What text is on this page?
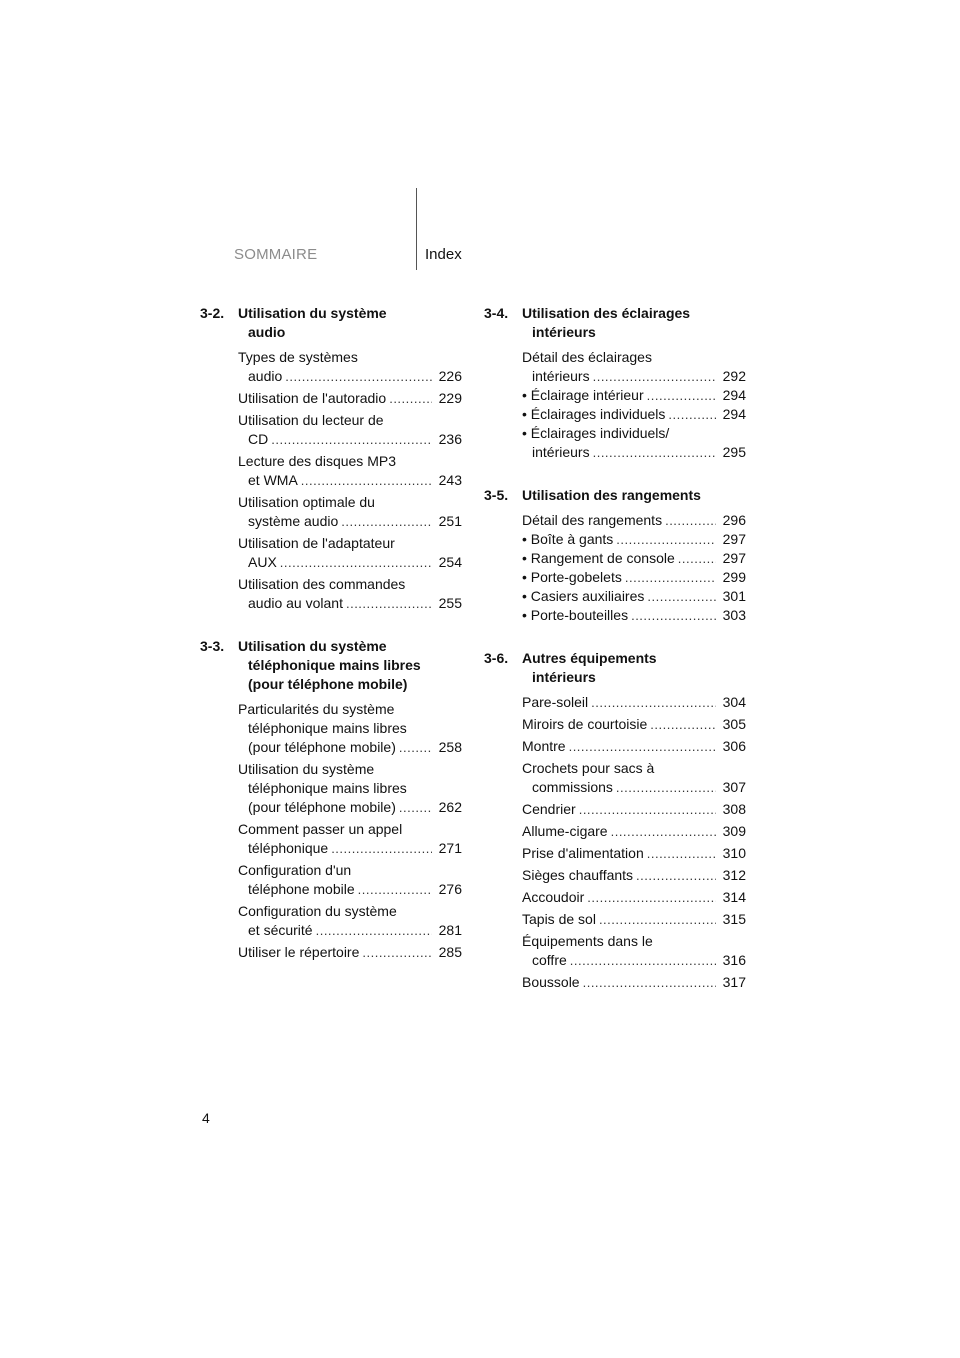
SOMMAIRE	Index
3-2. Utilisation du système
audio
Types de systèmes
audio .....	226
Utilisation de l'autoradio .....	229
Utilisation du lecteur de
CD .....	236
Lecture des disques MP3
et WMA .....	243
Utilisation optimale du
système audio .....	251
Utilisation de l'adaptateur
AUX .....	254
Utilisation des commandes
audio au volant .....	255
3-3. Utilisation du système
téléphonique mains libres
(pour téléphone mobile)
Particularités du système
téléphonique mains libres
(pour téléphone mobile) .....	258
Utilisation du système
téléphonique mains libres
(pour téléphone mobile) .....	262
Comment passer un appel
téléphonique .....	271
Configuration d'un
téléphone mobile .....	276
Configuration du système
et sécurité .....	281
Utiliser le répertoire .....	285
3-4. Utilisation des éclairages
intérieurs
Détail des éclairages
intérieurs .....	292
• Éclairage intérieur .....	294
• Éclairages individuels .....	294
• Éclairages individuels/
intérieurs .....	295
3-5. Utilisation des rangements
Détail des rangements .....	296
• Boîte à gants .....	297
• Rangement de console .....	297
• Porte-gobelets .....	299
• Casiers auxiliaires .....	301
• Porte-bouteilles .....	303
3-6. Autres équipements
intérieurs
Pare-soleil .....	304
Miroirs de courtoisie .....	305
Montre .....	306
Crochets pour sacs à
commissions .....	307
Cendrier .....	308
Allume-cigare .....	309
Prise d'alimentation .....	310
Sièges chauffants .....	312
Accoudoir .....	314
Tapis de sol .....	315
Équipements dans le
coffre .....	316
Boussole .....	317
4
